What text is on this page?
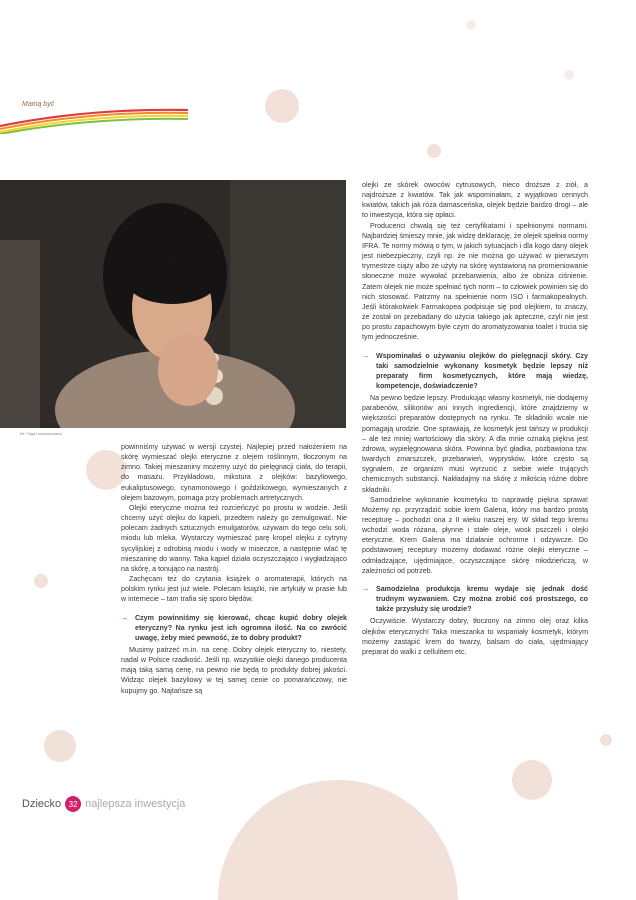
Mamą być
fot. Olga Lewandowska

powinniśmy używać w wersji czystej. Najlepiej przed nałożeniem na skórę wymieszać olejki eteryczne z olejem roślinnym, tłoczonym na zimno. Takiej mieszaniny możemy użyć do pielęgnacji ciała, do terapii, do masażu. Przykładowo, mikstura z olejków: bazyliowego, eukaliptusowego, cynamonowego i goździkowego, wymieszanych z olejem bazowym, pomaga przy problemach artretycznych.

Olejki eteryczne można też rozcieńczyć po prostu w wodzie. Jeśli chcemy użyć olejku do kąpieli, przedtem należy go zemulgować. Nie polecam żadnych sztucznych emulgatorów, używam do tego celu soli, miodu lub mleka. Wystarczy wymieszać parę kropel olejku z cytryny sycylijskiej z odrobiną miodu i wody w miseczce, a następnie wlać tę mieszaninę do wanny. Taka kąpiel działa oczyszczająco i wygładzająco na skórę, a tonująco na nastrój.

Zachęcam też do czytania książek o aromaterapii, których na polskim rynku jest już wiele. Polecam książki, nie artykuły w prasie lub w internecie – tam trafia się sporo błędów.

→ Czym powinniśmy się kierować, chcąc kupić dobry olejek eteryczny? Na rynku jest ich ogromna ilość. Na co zwrócić uwagę, żeby mieć pewność, że to dobry produkt?

Musimy patrzeć m.in. na cenę. Dobry olejek eteryczny to, niestety, nadal w Polsce rzadkość. Jeśli np. wszystkie olejki danego producenta mają taką samą cenę, na pewno nie będą to produkty dobrej jakości. Widząc olejek bazyliowy w tej samej cenie co pomarańczowy, nie kupujmy go. Najtańsze są

olejki ze skórek owoców cytrusowych, nieco droższe z ziół, a najdroższe z kwiatów. Tak jak wspominałam, z wyjątkowo cennych kwiatów, takich jak róża damasceńska, olejek będzie bardzo drogi – ale to inwestycja, która się opłaci.

Producenci chwalą się też certyfikatami i spełnionymi normami. Najbardziej śmieszy mnie, jak widzę deklarację, że olejek spełnia normy IFRA. Te normy mówią o tym, w jakich sytuacjach i dla kogo dany olejek jest niebezpieczny, czyli np. że nie można go używać w pierwszym trymestrze ciąży albo że użyty na skórę wystawioną na promieniowanie słoneczne może wywołać przebarwienia, albo że obniża ciśnienie. Zatem olejek nie może spełniać tych norm – to człowiek powinien się do nich stosować. Patrzmy na spełnienie norm ISO i farmakopealnych. Jeśli którakolwiek Farmakopea podpisuje się pod olejkiem, to znaczy, że został on przebadany do użycia takiego jak apteczne, czyli nie jest po prostu zapachowym byle czym do aromatyzowania toalet i trucia się tym jednocześnie.

→ Wspominałaś o używaniu olejków do pielęgnacji skóry. Czy taki samodzielnie wykonany kosmetyk będzie lepszy niż preparaty firm kosmetycznych, które mają wiedzę, kompetencje, doświadczenie?

Na pewno będzie lepszy. Produkując własny kosmetyk, nie dodajemy parabenów, silikonów ani innych ingrediencji, które znajdziemy w większości preparatów dostępnych na rynku. Te składniki wcale nie pomagają urodzie. One sprawiają, że kosmetyk jest tańszy w produkcji – ale też mniej wartościowy dla skóry. A dla mnie oznaką piękna jest zdrowa, wypielęgnowana skóra. Powinna być gładka, pozbawiona tzw. twardych zmarszczek, przebarwień, wyprysków, które często są sygnałem, że organizm musi wyrzucić z siebie wiele trujących chemicznych substancji. Nakładajmy na skórę z miłością różne dobre składniki.

Samodzielne wykonanie kosmetyku to naprawdę piękna sprawa! Możemy np. przyrządzić sobie krem Galena, który ma bardzo prostą recepturę – pochodzi ona z II wieku naszej ery. W skład tego kremu wchodzi woda różana, płynne i stałe oleje, wosk pszczeli i olejki eteryczne. Krem Galena ma działanie ochronne i odżywcze. Do podstawowej receptury możemy dodawać różne olejki eteryczne – odmładzające, ujędrniające, oczyszczające skórę młodzieńczą, w zależności od potrzeb.

→ Samodzielna produkcja kremu wydaje się jednak dość trudnym wyzwaniem. Czy można zrobić coś prostszego, co także przysłuży się urodzie?

Oczywiście. Wystarczy dobry, tłoczony na zimno olej oraz kilka olejków eterycznych! Taka mieszanka to wspaniały kosmetyk, którym możemy zastąpić krem do twarzy, balsam do ciała, ujędrniający preparat do walki z cellulitem etc.

Dziecko 32 najlepsza inwestycja
